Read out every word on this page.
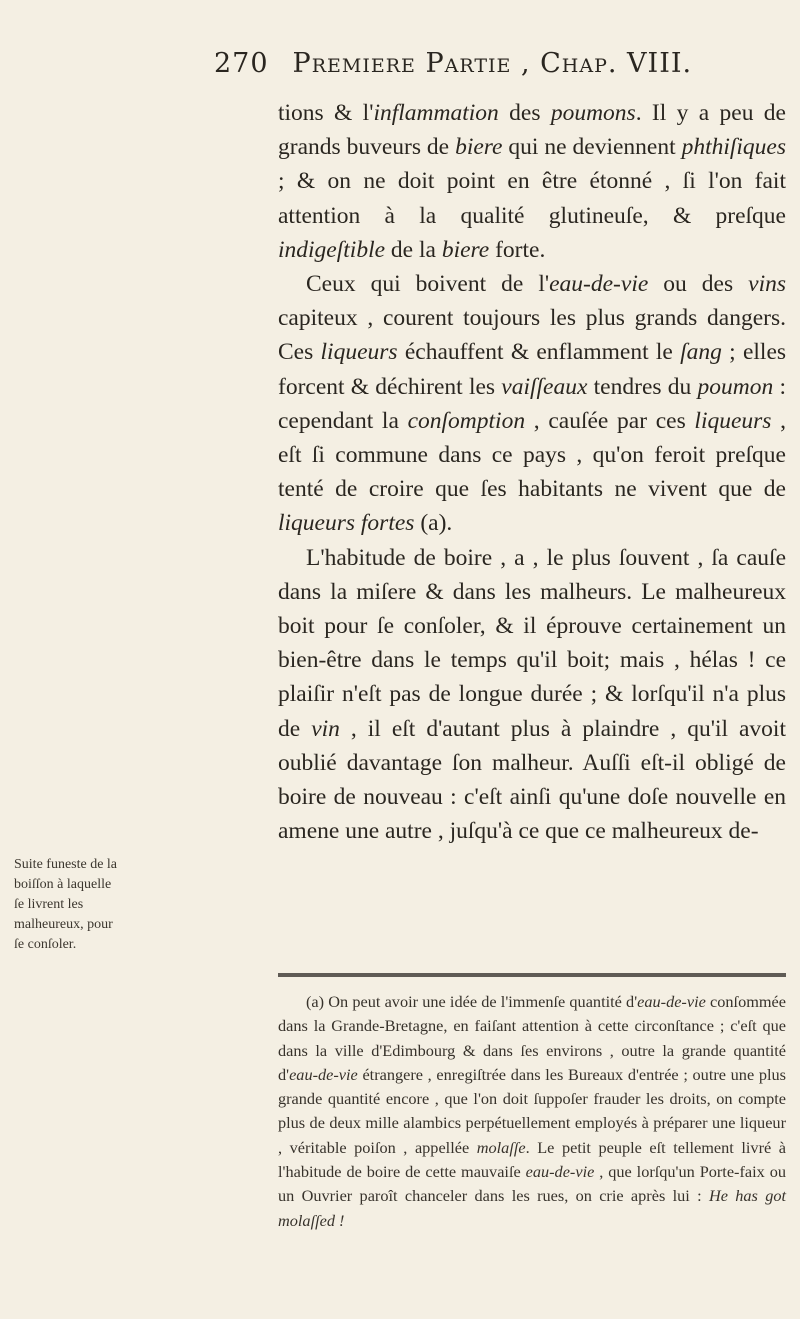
270 Premiere Partie , Chap. VIII.
Suite funeste de la boiſſon à laquelle ſe livrent les malheureux, pour ſe conſoler.

tions & l'inflammation des poumons. Il y a peu de grands buveurs de biere qui ne deviennent phthiſiques ; & on ne doit point en être étonné , ſi l'on fait attention à la qualité glutineuſe, & preſque indigeſtible de la biere forte.

Ceux qui boivent de l'eau-de-vie ou des vins capiteux , courent toujours les plus grands dangers. Ces liqueurs échauffent & enflamment le ſang ; elles forcent & déchirent les vaiſſeaux tendres du poumon : cependant la conſomption , cauſée par ces liqueurs , eſt ſi commune dans ce pays , qu'on feroit preſque tenté de croire que ſes habitants ne vivent que de liqueurs fortes (a).

L'habitude de boire , a , le plus ſouvent , ſa cauſe dans la miſere & dans les malheurs. Le malheureux boit pour ſe conſoler, & il éprouve certainement un bien-être dans le temps qu'il boit; mais , hélas ! ce plaiſir n'eſt pas de longue durée ; & lorſqu'il n'a plus de vin , il eſt d'autant plus à plaindre , qu'il avoit oublié davantage ſon malheur. Auſſi eſt-il obligé de boire de nouveau : c'eſt ainſi qu'une doſe nouvelle en amene une autre , juſqu'à ce que ce malheureux de-

(a) On peut avoir une idée de l'immenſe quantité d'eau-de-vie conſommée dans la Grande-Bretagne, en faiſant attention à cette circonſtance ; c'eſt que dans la ville d'Edimbourg & dans ſes environs , outre la grande quantité d'eau-de-vie étrangere , enregiſtrée dans les Bureaux d'entrée ; outre une plus grande quantité encore , que l'on doit ſuppoſer frauder les droits, on compte plus de deux mille alambics perpétuellement employés à préparer une liqueur , véritable poiſon , appellée molaſſe. Le petit peuple eſt tellement livré à l'habitude de boire de cette mauvaiſe eau-de-vie , que lorſqu'un Porte-faix ou un Ouvrier paroît chanceler dans les rues, on crie après lui : He has got molaſſed !
